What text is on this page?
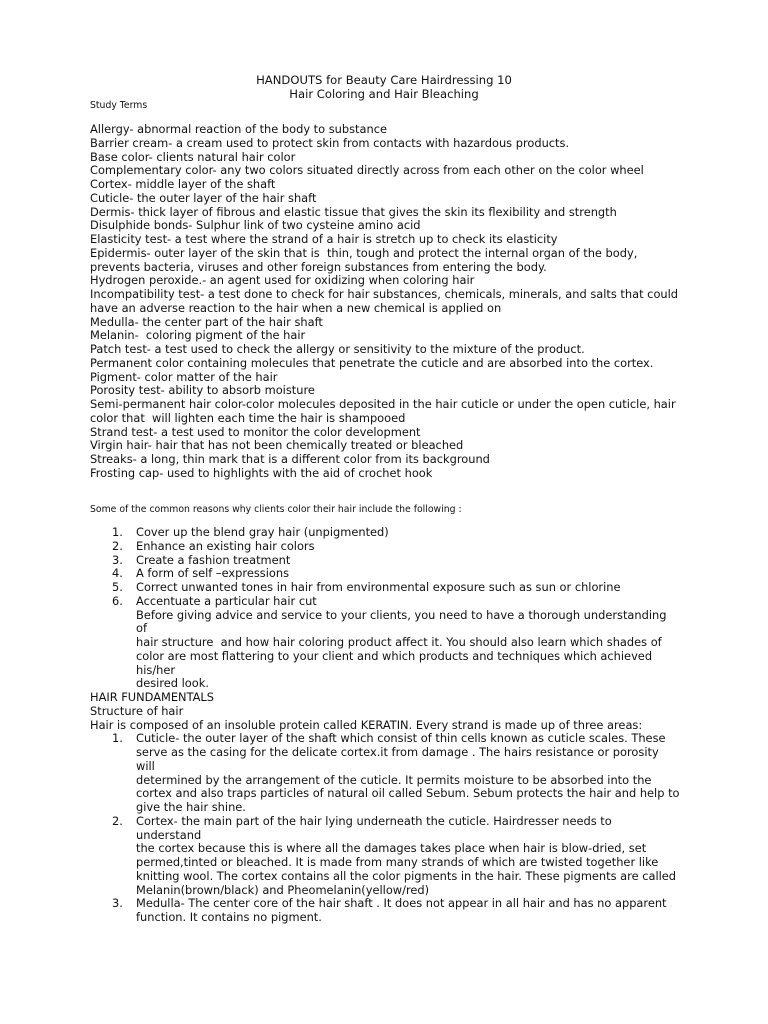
HANDOUTS for Beauty Care Hairdressing 10
Hair Coloring and Hair Bleaching
Study Terms
Allergy- abnormal reaction of the body to substance
Barrier cream- a cream used to protect skin from contacts with hazardous products.
Base color- clients natural hair color
Complementary color- any two colors situated directly across from each other on the color wheel
Cortex- middle layer of the shaft
Cuticle- the outer layer of the hair shaft
Dermis- thick layer of fibrous and elastic tissue that gives the skin its flexibility and strength
Disulphide bonds- Sulphur link of two cysteine amino acid
Elasticity test- a test where the strand of a hair is stretch up to check its elasticity
Epidermis- outer layer of the skin that is  thin, tough and protect the internal organ of the body,
prevents bacteria, viruses and other foreign substances from entering the body.
Hydrogen peroxide.- an agent used for oxidizing when coloring hair
Incompatibility test- a test done to check for hair substances, chemicals, minerals, and salts that could
have an adverse reaction to the hair when a new chemical is applied on
Medulla- the center part of the hair shaft
Melanin-  coloring pigment of the hair
Patch test- a test used to check the allergy or sensitivity to the mixture of the product.
Permanent color containing molecules that penetrate the cuticle and are absorbed into the cortex.
Pigment- color matter of the hair
Porosity test- ability to absorb moisture
Semi-permanent hair color-color molecules deposited in the hair cuticle or under the open cuticle, hair
color that  will lighten each time the hair is shampooed
Strand test- a test used to monitor the color development
Virgin hair- hair that has not been chemically treated or bleached
Streaks- a long, thin mark that is a different color from its background
Frosting cap- used to highlights with the aid of crochet hook
Some of the common reasons why clients color their hair include the following :
1. Cover up the blend gray hair (unpigmented)
2. Enhance an existing hair colors
3. Create a fashion treatment
4. A form of self –expressions
5. Correct unwanted tones in hair from environmental exposure such as sun or chlorine
6. Accentuate a particular hair cut
Before giving advice and service to your clients, you need to have a thorough understanding of
hair structure  and how hair coloring product affect it. You should also learn which shades of
color are most flattering to your client and which products and techniques which achieved his/her
desired look.
HAIR FUNDAMENTALS
Structure of hair
Hair is composed of an insoluble protein called KERATIN. Every strand is made up of three areas:
1. Cuticle- the outer layer of the shaft which consist of thin cells known as cuticle scales. These
serve as the casing for the delicate cortex.it from damage . The hairs resistance or porosity will
determined by the arrangement of the cuticle. It permits moisture to be absorbed into the
cortex and also traps particles of natural oil called Sebum. Sebum protects the hair and help to
give the hair shine.
2. Cortex- the main part of the hair lying underneath the cuticle. Hairdresser needs to understand
the cortex because this is where all the damages takes place when hair is blow-dried, set
permed,tinted or bleached. It is made from many strands of which are twisted together like
knitting wool. The cortex contains all the color pigments in the hair. These pigments are called
Melanin(brown/black) and Pheomelanin(yellow/red)
3. Medulla- The center core of the hair shaft . It does not appear in all hair and has no apparent
function. It contains no pigment.
